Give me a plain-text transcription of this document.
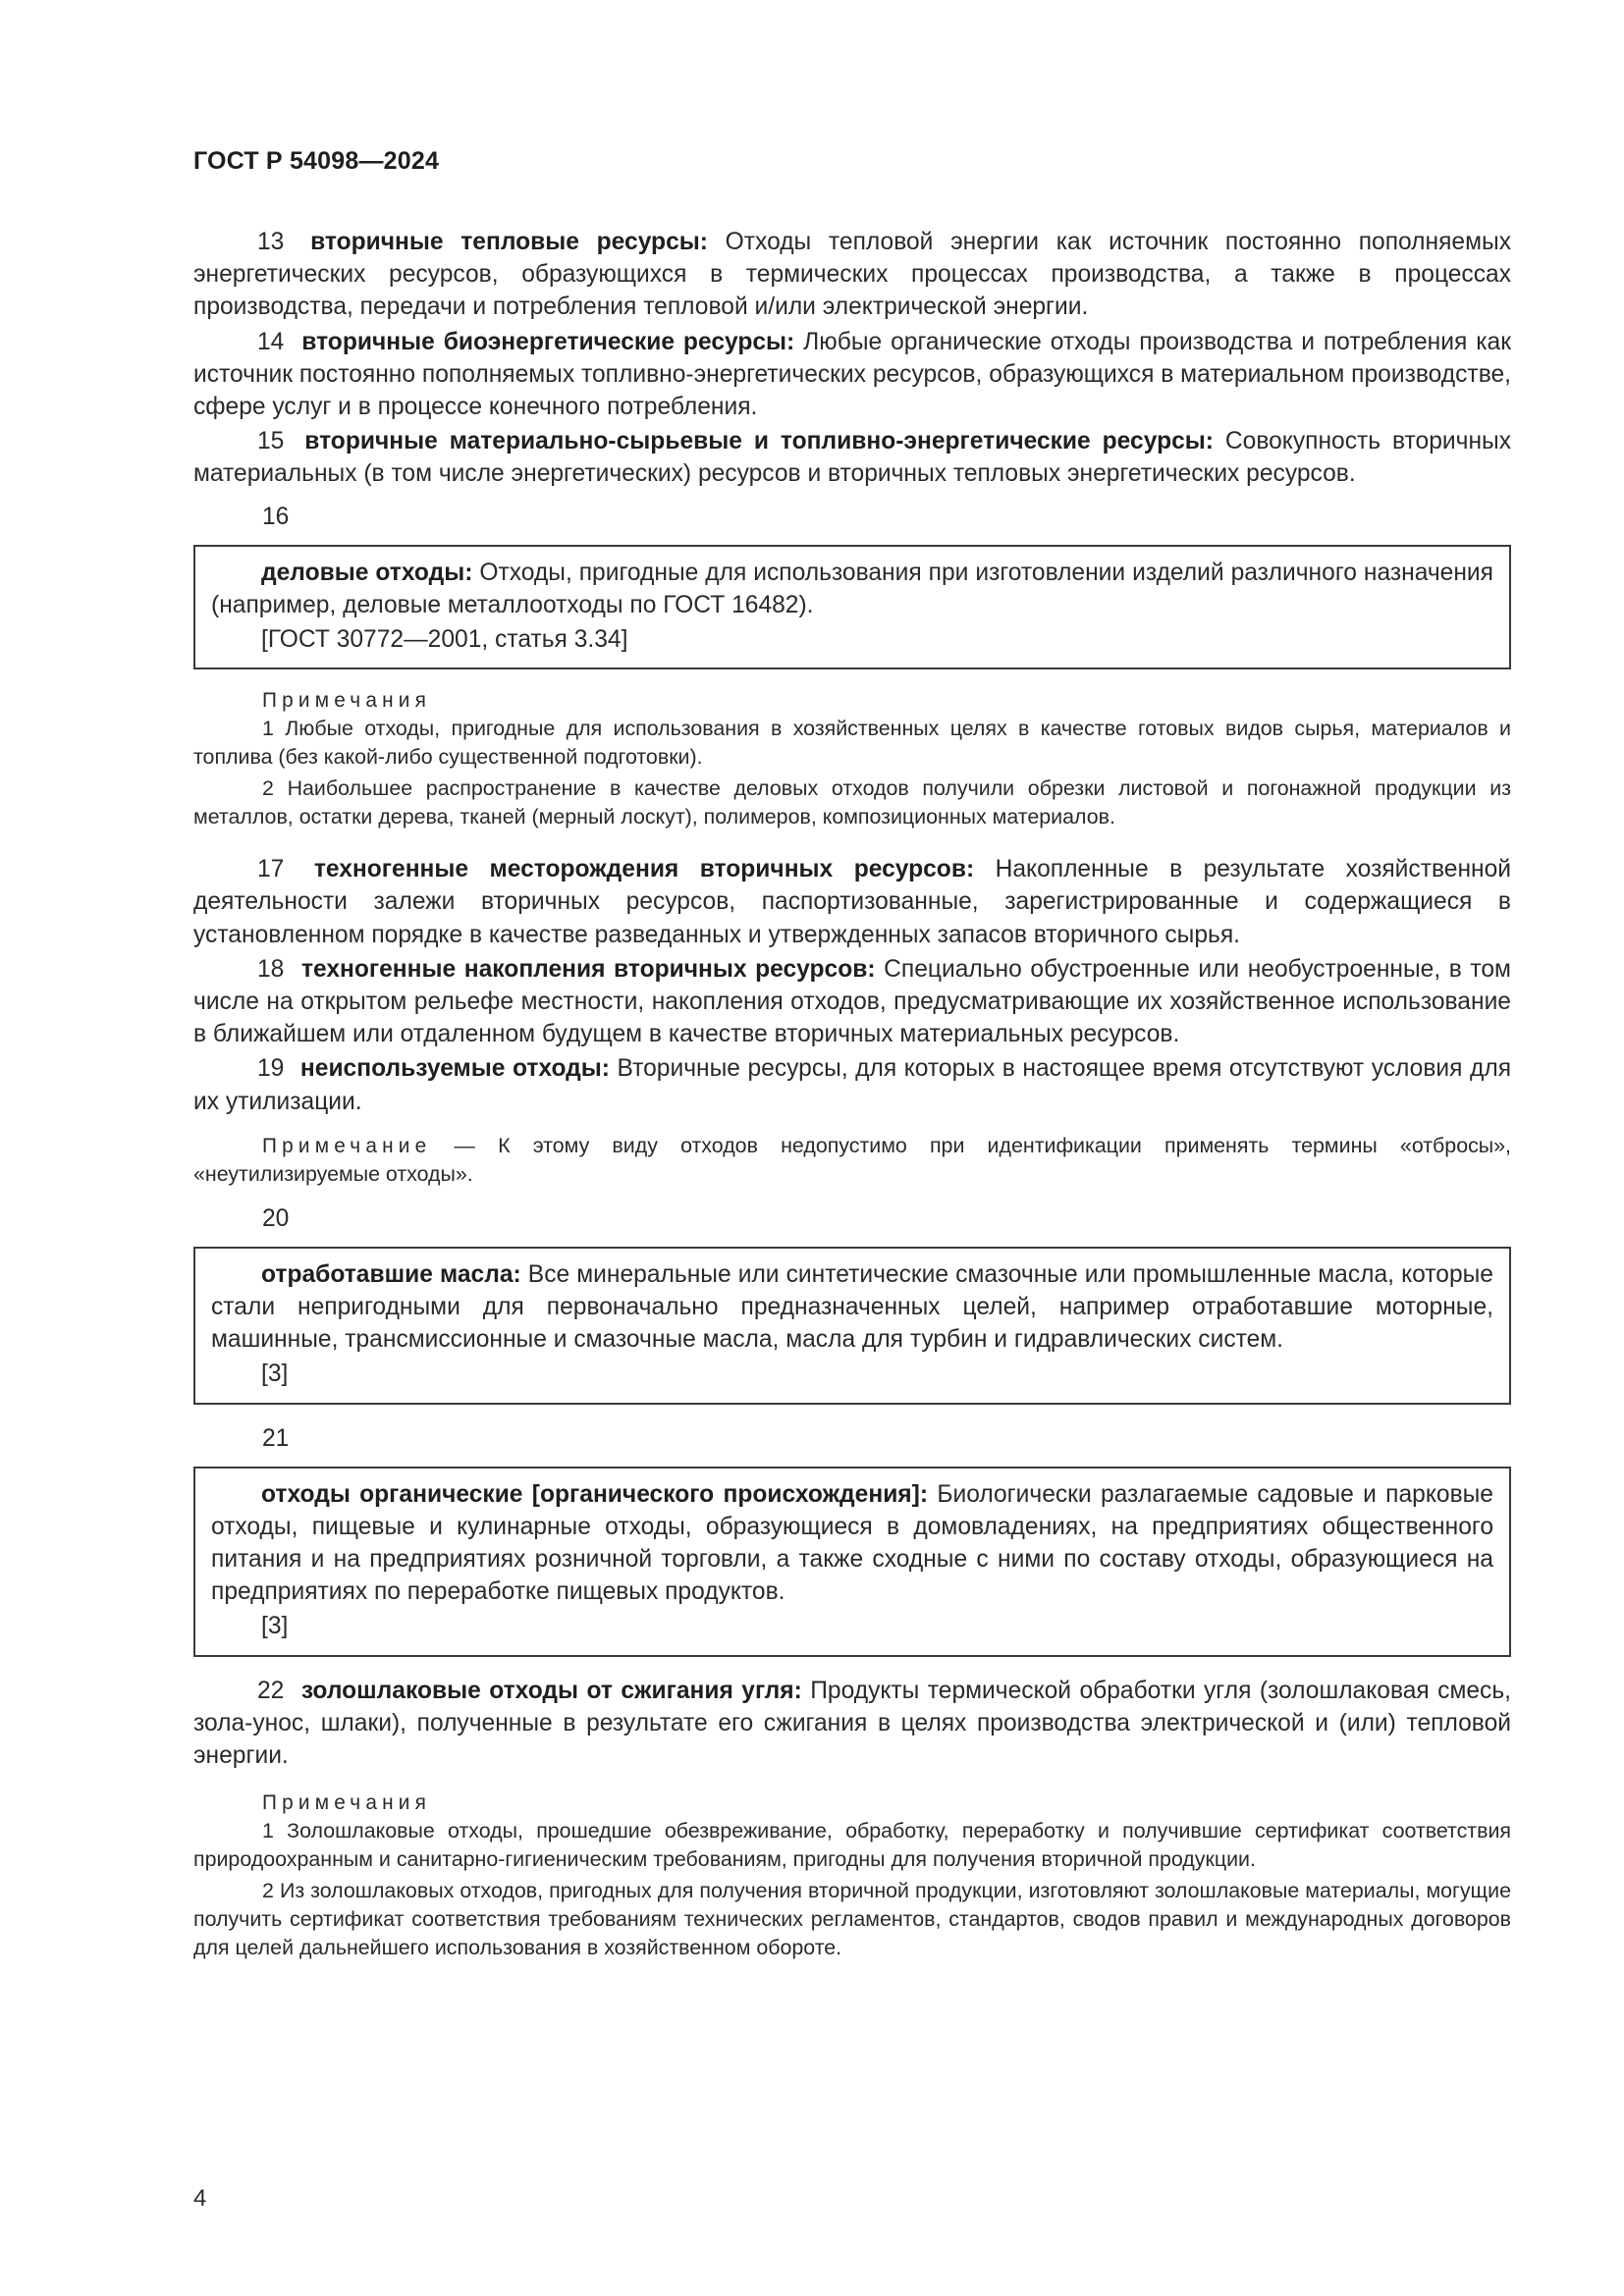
ГОСТ Р 54098—2024

13 вторичные тепловые ресурсы: Отходы тепловой энергии как источник постоянно пополняемых энергетических ресурсов, образующихся в термических процессах производства, а также в процессах производства, передачи и потребления тепловой и/или электрической энергии.

14 вторичные биоэнергетические ресурсы: Любые органические отходы производства и потребления как источник постоянно пополняемых топливно-энергетических ресурсов, образующихся в материальном производстве, сфере услуг и в процессе конечного потребления.

15 вторичные материально-сырьевые и топливно-энергетические ресурсы: Совокупность вторичных материальных (в том числе энергетических) ресурсов и вторичных тепловых энергетических ресурсов.

16

деловые отходы: Отходы, пригодные для использования при изготовлении изделий различного назначения (например, деловые металлоотходы по ГОСТ 16482).

[ГОСТ 30772—2001, статья 3.34]
Примечания

1 Любые отходы, пригодные для использования в хозяйственных целях в качестве готовых видов сырья, материалов и топлива (без какой-либо существенной подготовки).

2 Наибольшее распространение в качестве деловых отходов получили обрезки листовой и погонажной продукции из металлов, остатки дерева, тканей (мерный лоскут), полимеров, композиционных материалов.

17 техногенные месторождения вторичных ресурсов: Накопленные в результате хозяйственной деятельности залежи вторичных ресурсов, паспортизованные, зарегистрированные и содержащиеся в установленном порядке в качестве разведанных и утвержденных запасов вторичного сырья.

18 техногенные накопления вторичных ресурсов: Специально обустроенные или необустроенные, в том числе на открытом рельефе местности, накопления отходов, предусматривающие их хозяйственное использование в ближайшем или отдаленном будущем в качестве вторичных материальных ресурсов.

19 неиспользуемые отходы: Вторичные ресурсы, для которых в настоящее время отсутствуют условия для их утилизации.

Примечание — К этому виду отходов недопустимо при идентификации применять термины «отбросы», «неутилизируемые отходы».

20

отработавшие масла: Все минеральные или синтетические смазочные или промышленные масла, которые стали непригодными для первоначально предназначенных целей, например отработавшие моторные, машинные, трансмиссионные и смазочные масла, масла для турбин и гидравлических систем.

[3]
21

отходы органические [органического происхождения]: Биологически разлагаемые садовые и парковые отходы, пищевые и кулинарные отходы, образующиеся в домовладениях, на предприятиях общественного питания и на предприятиях розничной торговли, а также сходные с ними по составу отходы, образующиеся на предприятиях по переработке пищевых продуктов.

[3]

22 золошлаковые отходы от сжигания угля: Продукты термической обработки угля (золошлаковая смесь, зола-унос, шлаки), полученные в результате его сжигания в целях производства электрической и (или) тепловой энергии.

Примечания

1 Золошлаковые отходы, прошедшие обезвреживание, обработку, переработку и получившие сертификат соответствия природоохранным и санитарно-гигиеническим требованиям, пригодны для получения вторичной продукции.

2 Из золошлаковых отходов, пригодных для получения вторичной продукции, изготовляют золошлаковые материалы, могущие получить сертификат соответствия требованиям технических регламентов, стандартов, сводов правил и международных договоров для целей дальнейшего использования в хозяйственном обороте.

4
